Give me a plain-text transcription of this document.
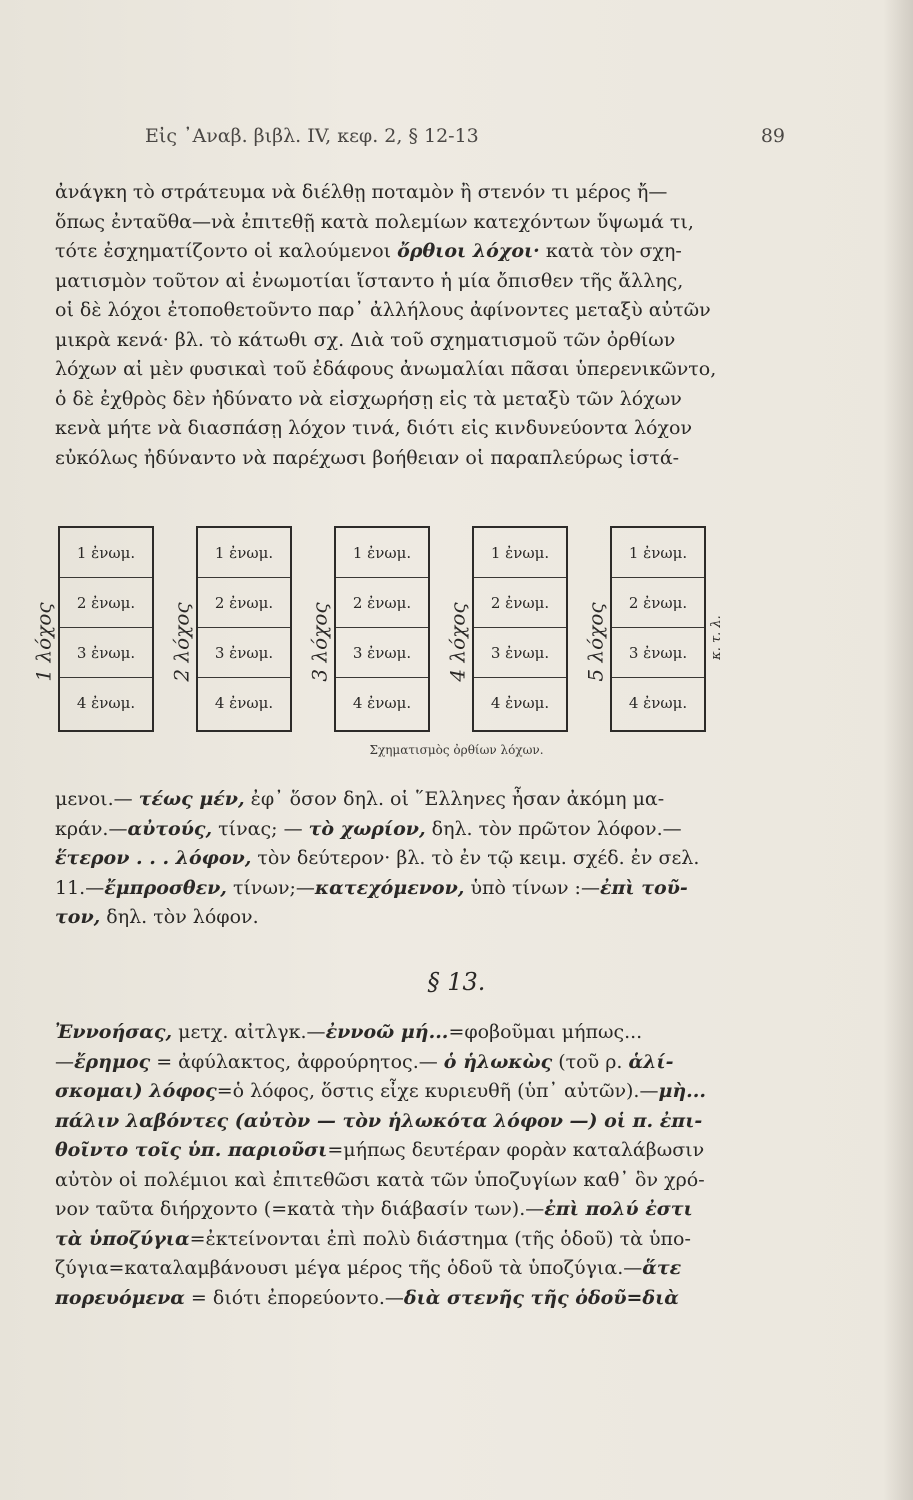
Εἰς ᾿Αναβ. βιβλ. IV, κεφ. 2, § 12-13	89
ἀνάγκη τὸ στράτευμα νὰ διέλθῃ ποταμὸν ἢ στενόν τι μέρος ἤ—
ὅπως ἐνταῦθα—νὰ ἐπιτεθῇ κατὰ πολεμίων κατεχόντων ὕψωμά τι,
τότε ἐσχηματίζοντο οἱ καλούμενοι ὄρθιοι λόχοι· κατὰ τὸν σχη-
ματισμὸν τοῦτον αἱ ἐνωμοτίαι ἵσταντο ἡ μία ὄπισθεν τῆς ἄλλης,
οἱ δὲ λόχοι ἐτοποθετοῦντο παρ᾽ ἀλλήλους ἀφίνοντες μεταξὺ αὐτῶν
μικρὰ κενά· βλ. τὸ κάτωθι σχ. Διὰ τοῦ σχηματισμοῦ τῶν ὀρθίων
λόχων αἱ μὲν φυσικαὶ τοῦ ἐδάφους ἀνωμαλίαι πᾶσαι ὑπερενικῶντο,
ὁ δὲ ἐχθρὸς δὲν ἠδύνατο νὰ εἰσχωρήσῃ εἰς τὰ μεταξὺ τῶν λόχων
κενὰ μήτε νὰ διασπάσῃ λόχον τινά, διότι εἰς κινδυνεύοντα λόχον
εὐκόλως ἠδύναντο νὰ παρέχωσι βοήθειαν οἱ παραπλεύρως ἱστά-
1 λόχος
1 ἐνωμ.
2 ἐνωμ.
3 ἐνωμ.
4 ἐνωμ.
2 λόχος
1 ἐνωμ.
2 ἐνωμ.
3 ἐνωμ.
4 ἐνωμ.
3 λόχος
1 ἐνωμ.
2 ἐνωμ.
3 ἐνωμ.
4 ἐνωμ.
4 λόχος
1 ἐνωμ.
2 ἐνωμ.
3 ἐνωμ.
4 ἐνωμ.
5 λόχος
1 ἐνωμ.
2 ἐνωμ.
3 ἐνωμ.
4 ἐνωμ.
κ. τ. λ.
Σχηματισμὸς ὀρθίων λόχων.
μενοι.— τέως μέν, ἐφ᾽ ὅσον δηλ. οἱ ῞Ελληνες ἦσαν ἀκόμη μα-
κράν.—αὐτούς, τίνας; — τὸ χωρίον, δηλ. τὸν πρῶτον λόφον.—
ἕτερον . . . λόφον, τὸν δεύτερον· βλ. τὸ ἐν τῷ κειμ. σχέδ. ἐν σελ.
11.—ἔμπροσθεν, τίνων;—κατεχόμενον, ὑπὸ τίνων :—ἐπὶ τοῦ-
τον, δηλ. τὸν λόφον.
§ 13.
Ἐννοήσας, μετχ. αἰτλγκ.—ἐννοῶ μή...=φοβοῦμαι μήπως...
—ἔρημος = ἀφύλακτος, ἀφρούρητος.— ὁ ἡλωκὼς (τοῦ ρ. ἁλί-
σκομαι) λόφος=ὁ λόφος, ὅστις εἶχε κυριευθῆ (ὑπ᾽ αὐτῶν).—μὴ...
πάλιν λαβόντες (αὐτὸν — τὸν ἡλωκότα λόφον —) οἱ π. ἐπι-
θοῖντο τοῖς ὑπ. παριοῦσι=μήπως δευτέραν φορὰν καταλάβωσιν
αὐτὸν οἱ πολέμιοι καὶ ἐπιτεθῶσι κατὰ τῶν ὑποζυγίων καθ᾽ ὃν χρό-
νον ταῦτα διήρχοντο (=κατὰ τὴν διάβασίν των).—ἐπὶ πολύ ἐστι
τὰ ὑποζύγια=ἐκτείνονται ἐπὶ πολὺ διάστημα (τῆς ὁδοῦ) τὰ ὑπο-
ζύγια=καταλαμβάνουσι μέγα μέρος τῆς ὁδοῦ τὰ ὑποζύγια.—ἅτε
πορευόμενα = διότι ἐπορεύοντο.—διὰ στενῆς τῆς ὁδοῦ=διὰ
